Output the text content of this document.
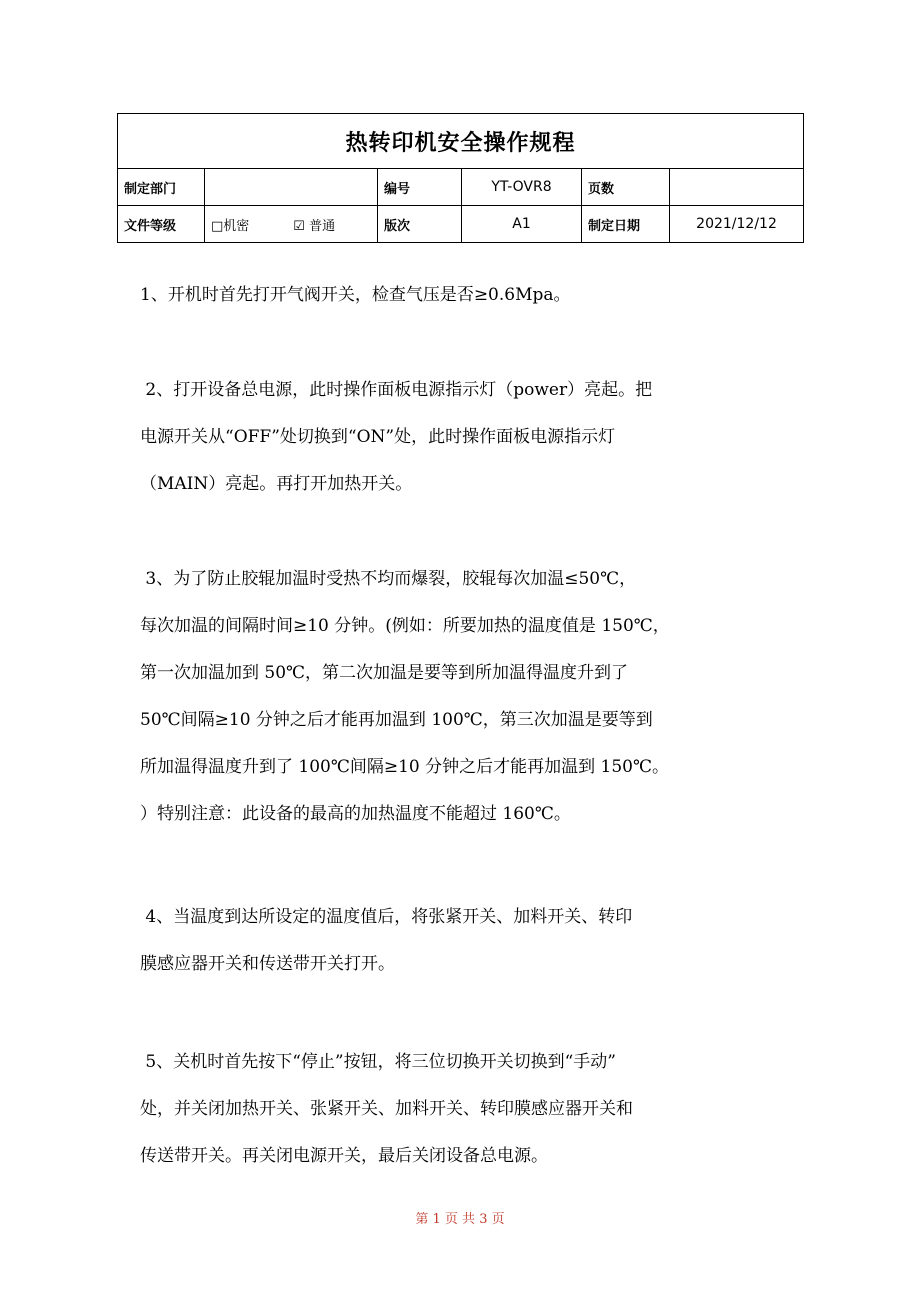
热转印机安全操作规程					
制定部门		编号	YT-OVR8	页数	
文件等级	□机密 ☑ 普通	版次	A1	制定日期	2021/12/12

1、开机时首先打开气阀开关，检查气压是否≥0.6Mpa。

2、打开设备总电源，此时操作面板电源指示灯（power）亮起。把

电源开关从“OFF”处切换到“ON”处，此时操作面板电源指示灯

（MAIN）亮起。再打开加热开关。

3、为了防止胶辊加温时受热不均而爆裂，胶辊每次加温≤50℃，

每次加温的间隔时间≥10 分钟。(例如：所要加热的温度值是 150℃，

第一次加温加到 50℃，第二次加温是要等到所加温得温度升到了

50℃间隔≥10 分钟之后才能再加温到 100℃，第三次加温是要等到

所加温得温度升到了 100℃间隔≥10 分钟之后才能再加温到 150℃。

）特别注意：此设备的最高的加热温度不能超过 160℃。

4、当温度到达所设定的温度值后，将张紧开关、加料开关、转印

膜感应器开关和传送带开关打开。

5、关机时首先按下“停止”按钮，将三位切换开关切换到“手动”

处，并关闭加热开关、张紧开关、加料开关、转印膜感应器开关和

传送带开关。再关闭电源开关，最后关闭设备总电源。

第 1 页 共 3 页
